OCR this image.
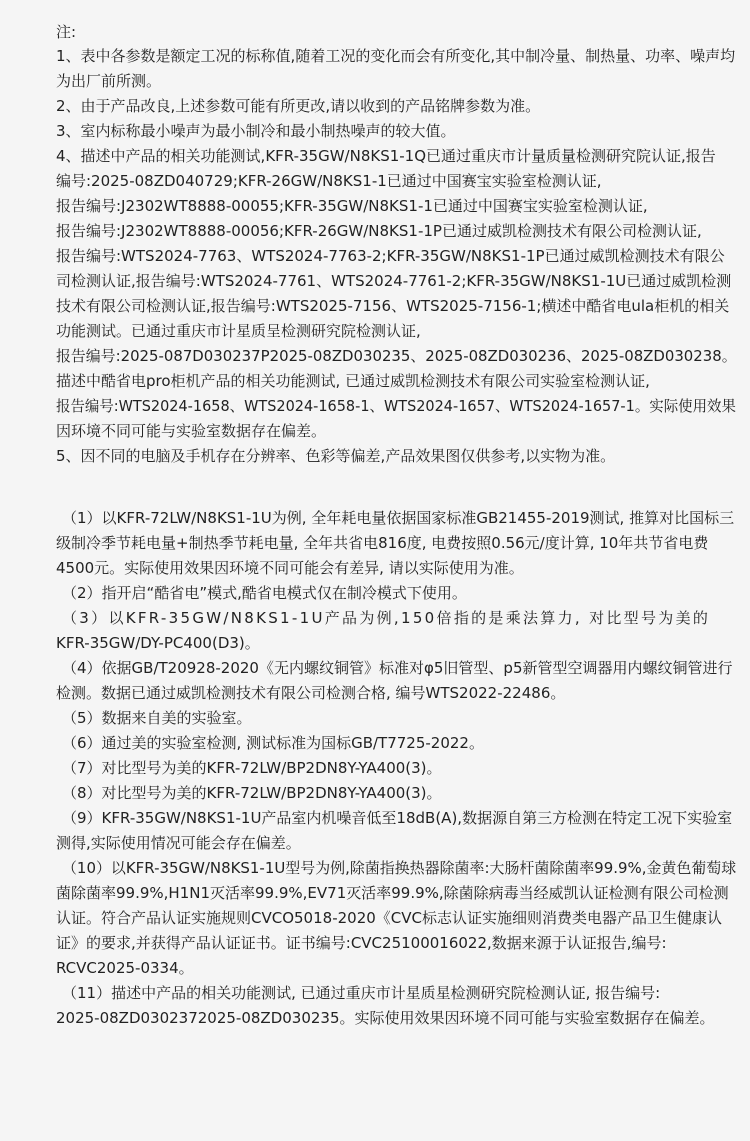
注:
1、表中各参数是额定工况的标称值,随着工况的变化而会有所变化,其中制冷量、制热量、功率、噪声均
为出厂前所测。
2、由于产品改良,上述参数可能有所更改,请以收到的产品铭牌参数为准。
3、室内标称最小噪声为最小制冷和最小制热噪声的较大值。
4、描述中产品的相关功能测试,KFR-35GW/N8KS1-1Q已通过重庆市计量质量检测研究院认证,报告
编号:2025-08ZD040729;KFR-26GW/N8KS1-1已通过中国赛宝实验室检测认证,
报告编号:J2302WT8888-00055;KFR-35GW/N8KS1-1已通过中国赛宝实验室检测认证,
报告编号:J2302WT8888-00056;KFR-26GW/N8KS1-1P已通过威凯检测技术有限公司检测认证,
报告编号:WTS2024-7763、WTS2024-7763-2;KFR-35GW/N8KS1-1P已通过威凯检测技术有限公
司检测认证,报告编号:WTS2024-7761、WTS2024-7761-2;KFR-35GW/N8KS1-1U已通过威凯检测
技术有限公司检测认证,报告编号:WTS2025-7156、WTS2025-7156-1;横述中酷省电ula柜机的相关
功能测试。已通过重庆市计星质呈检测研究院检测认证,
报告编号:2025-087D030237P2025-08ZD030235、2025-08ZD030236、2025-08ZD030238。
描述中酷省电pro柜机产品的相关功能测试, 已通过威凯检测技术有限公司实验室检测认证,
报告编号:WTS2024-1658、WTS2024-1658-1、WTS2024-1657、WTS2024-1657-1。实际使用效果
因环境不同可能与实验室数据存在偏差。
5、因不同的电脑及手机存在分辨率、色彩等偏差,产品效果图仅供参考,以实物为准。
（1）以KFR-72LW/N8KS1-1U为例, 全年耗电量依据国家标准GB21455-2019测试, 推算对比国标三
级制冷季节耗电量+制热季节耗电量, 全年共省电816度, 电费按照0.56元/度计算, 10年共节省电费
4500元。实际使用效果因环境不同可能会有差异, 请以实际使用为准。
（2）指开启“酷省电”模式,酷省电模式仅在制冷模式下使用。
（3）以KFR-35GW/N8KS1-1U产品为例,150倍指的是乘法算力, 对比型号为美的
KFR-35GW/DY-PC400(D3)。
（4）依据GB/T20928-2020《无内螺纹铜管》标准对φ5旧管型、p5新管型空调器用内螺纹铜管进行
检测。数据已通过威凯检测技术有限公司检测合格, 编号WTS2022-22486。
（5）数据来自美的实验室。
（6）通过美的实验室检测, 测试标准为国标GB/T7725-2022。
（7）对比型号为美的KFR-72LW/BP2DN8Y-YA400(3)。
（8）对比型号为美的KFR-72LW/BP2DN8Y-YA400(3)。
（9）KFR-35GW/N8KS1-1U产品室内机噪音低至18dB(A),数据源自第三方检测在特定工况下实验室
测得,实际使用情况可能会存在偏差。
（10）以KFR-35GW/N8KS1-1U型号为例,除菌指换热器除菌率:大肠杆菌除菌率99.9%,金黄色葡萄球
菌除菌率99.9%,H1N1灭活率99.9%,EV71灭活率99.9%,除菌除病毒当经威凯认证检测有限公司检测
认证。符合产品认证实施规则CVCO5018-2020《CVC标志认证实施细则消费类电器产品卫生健康认
证》的要求,并获得产品认证证书。证书编号:CVC25100016022,数据来源于认证报告,编号:
RCVC2025-0334。
（11）描述中产品的相关功能测试, 已通过重庆市计星质星检测研究院检测认证, 报告编号:
2025-08ZD0302372025-08ZD030235。实际使用效果因环境不同可能与实验室数据存在偏差。
